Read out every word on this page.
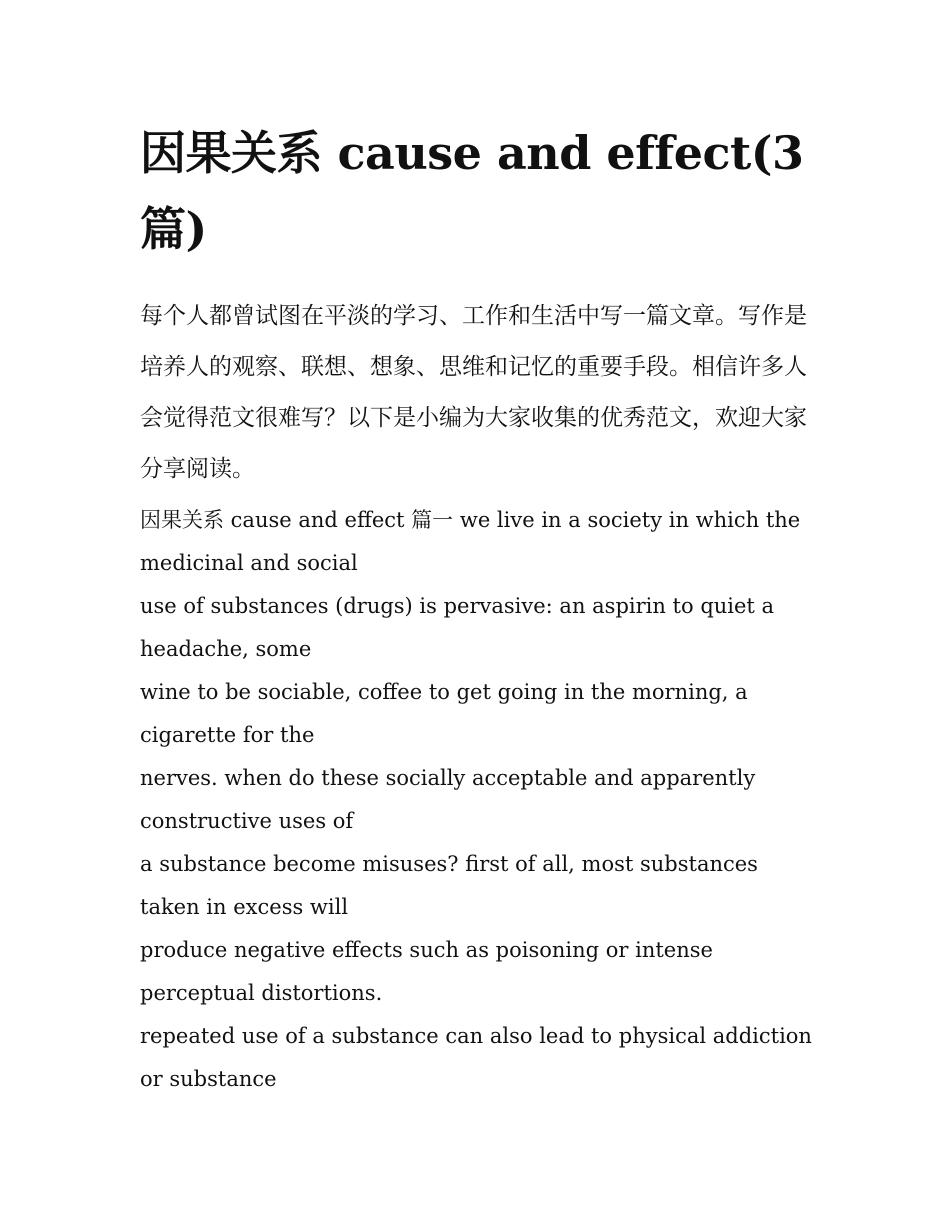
因果关系 cause and effect(3篇)

每个人都曾试图在平淡的学习、工作和生活中写一篇文章。写作是培养人的观察、联想、想象、思维和记忆的重要手段。相信许多人会觉得范文很难写？以下是小编为大家收集的优秀范文，欢迎大家分享阅读。

因果关系 cause and effect 篇一 we live in a society in which the medicinal and social
use of substances (drugs) is pervasive: an aspirin to quiet a headache, some
wine to be sociable, coffee to get going in the morning, a cigarette for the
nerves. when do these socially acceptable and apparently constructive uses of
a substance become misuses? first of all, most substances taken in excess will
produce negative effects such as poisoning or intense perceptual distortions.
repeated use of a substance can also lead to physical addiction or substance
